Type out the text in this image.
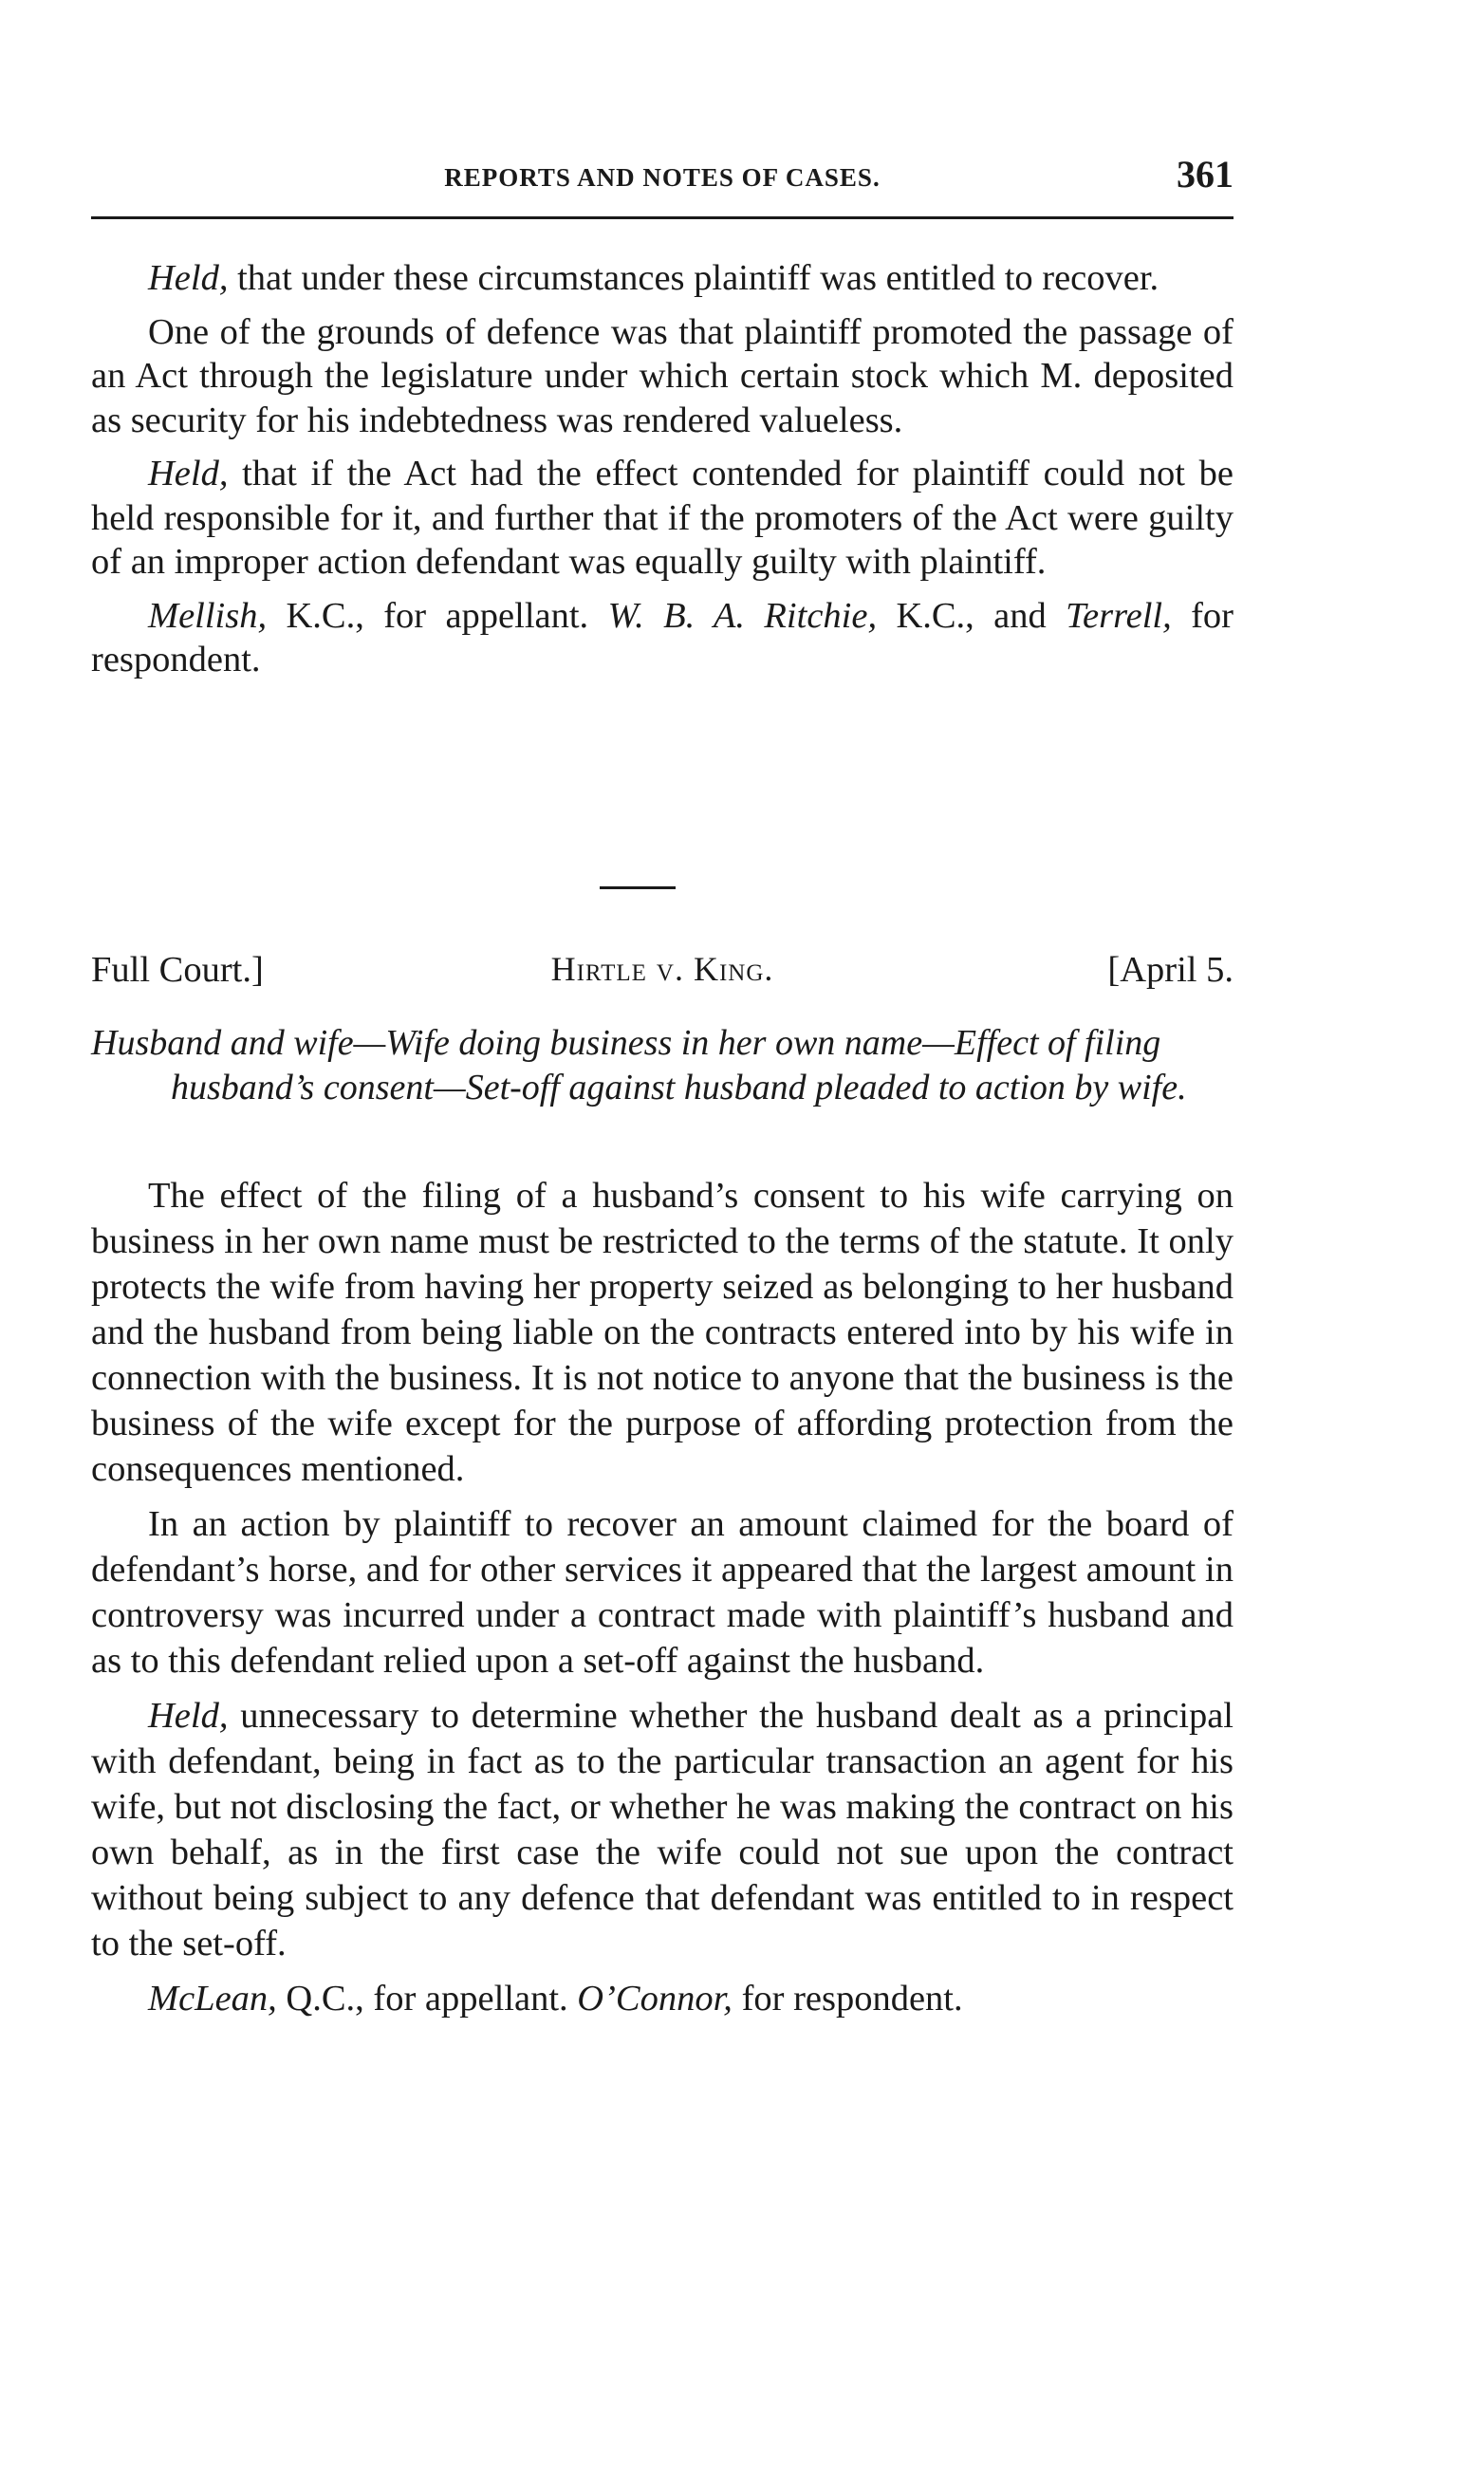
REPORTS AND NOTES OF CASES.	361

Held, that under these circumstances plaintiff was entitled to recover.

One of the grounds of defence was that plaintiff promoted the passage of an Act through the legislature under which certain stock which M. deposited as security for his indebtedness was rendered valueless.

Held, that if the Act had the effect contended for plaintiff could not be held responsible for it, and further that if the promoters of the Act were guilty of an improper action defendant was equally guilty with plaintiff.

Mellish, K.C., for appellant. W. B. A. Ritchie, K.C., and Terrell, for respondent.

Full Court.]	Hirtle v. King.	[April 5.
Husband and wife—Wife doing business in her own name—Effect of filing husband’s consent—Set-off against husband pleaded to action by wife.

The effect of the filing of a husband’s consent to his wife carrying on business in her own name must be restricted to the terms of the statute. It only protects the wife from having her property seized as belonging to her husband and the husband from being liable on the contracts entered into by his wife in connection with the business. It is not notice to anyone that the business is the business of the wife except for the purpose of affording protection from the consequences mentioned.

In an action by plaintiff to recover an amount claimed for the board of defendant’s horse, and for other services it appeared that the largest amount in controversy was incurred under a contract made with plaintiff’s husband and as to this defendant relied upon a set-off against the husband.

Held, unnecessary to determine whether the husband dealt as a principal with defendant, being in fact as to the particular transaction an agent for his wife, but not disclosing the fact, or whether he was making the contract on his own behalf, as in the first case the wife could not sue upon the contract without being subject to any defence that defendant was entitled to in respect to the set-off.

McLean, Q.C., for appellant. O’Connor, for respondent.
